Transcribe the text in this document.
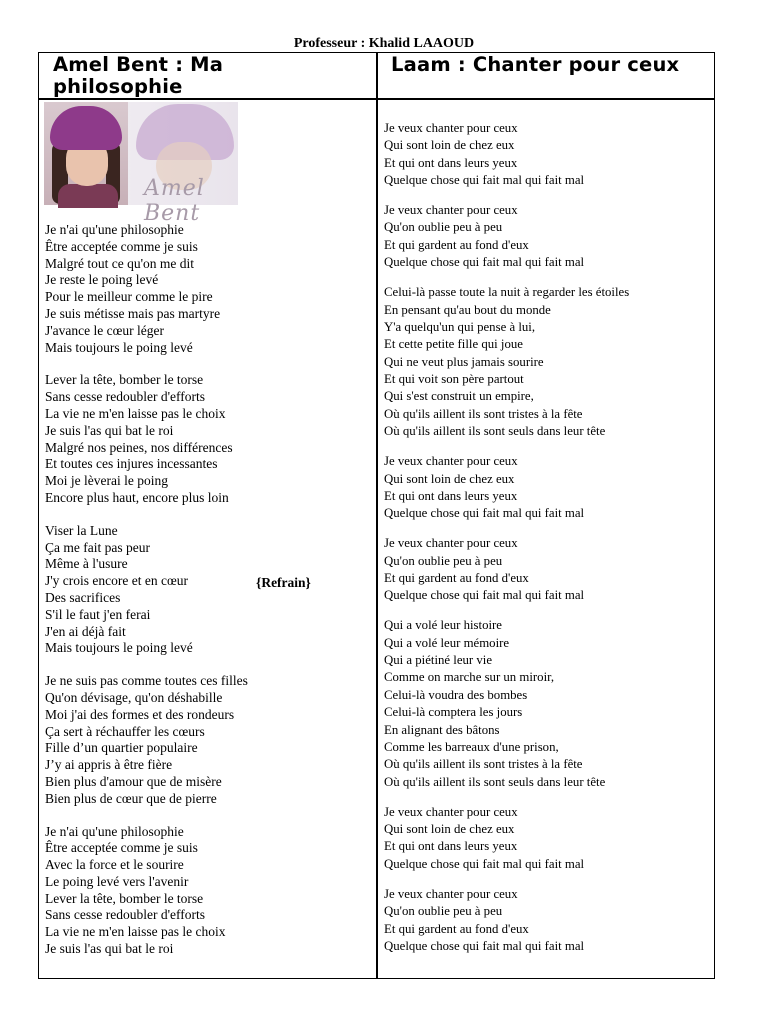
Professeur : Khalid LAAOUD
Amel Bent : Ma philosophie
Laam : Chanter pour ceux
Amel Bent
Je n'ai qu'une philosophie
Être acceptée comme je suis
Malgré tout ce qu'on me dit
Je reste le poing levé
Pour le meilleur comme le pire
Je suis métisse mais pas martyre
J'avance le cœur léger
Mais toujours le poing levé
Lever la tête, bomber le torse
Sans cesse redoubler d'efforts
La vie ne m'en laisse pas le choix
Je suis l'as qui bat le roi
Malgré nos peines, nos différences
Et toutes ces injures incessantes
Moi je lèverai le poing
Encore plus haut, encore plus loin
Viser la Lune
Ça me fait pas peur
Même à l'usure
J'y crois encore et en cœur
Des sacrifices
S'il le faut j'en ferai
J'en ai déjà fait
Mais toujours le poing levé
Je ne suis pas comme toutes ces filles
Qu'on dévisage, qu'on déshabille
Moi j'ai des formes et des rondeurs
Ça sert à réchauffer les cœurs
Fille d’un quartier populaire
J’y ai appris à être fière
Bien plus d'amour que de misère
Bien plus de cœur que de pierre
Je n'ai qu'une philosophie
Être acceptée comme je suis
Avec la force et le sourire
Le poing levé vers l'avenir
Lever la tête, bomber le torse
Sans cesse redoubler d'efforts
La vie ne m'en laisse pas le choix
Je suis l'as qui bat le roi
{Refrain}
Je veux chanter pour ceux
Qui sont loin de chez eux
Et qui ont dans leurs yeux
Quelque chose qui fait mal qui fait mal
Je veux chanter pour ceux
Qu'on oublie peu à peu
Et qui gardent au fond d'eux
Quelque chose qui fait mal qui fait mal
Celui-là passe toute la nuit à regarder les étoiles
En pensant qu'au bout du monde
Y'a quelqu'un qui pense à lui,
Et cette petite fille qui joue
Qui ne veut plus jamais sourire
Et qui voit son père partout
Qui s'est construit un empire,
Où qu'ils aillent ils sont tristes à la fête
Où qu'ils aillent ils sont seuls dans leur tête
Je veux chanter pour ceux
Qui sont loin de chez eux
Et qui ont dans leurs yeux
Quelque chose qui fait mal qui fait mal
Je veux chanter pour ceux
Qu'on oublie peu à peu
Et qui gardent au fond d'eux
Quelque chose qui fait mal qui fait mal
Qui a volé leur histoire
Qui a volé leur mémoire
Qui a piétiné leur vie
Comme on marche sur un miroir,
Celui-là voudra des bombes
Celui-là comptera les jours
En alignant des bâtons
Comme les barreaux d'une prison,
Où qu'ils aillent ils sont tristes à la fête
Où qu'ils aillent ils sont seuls dans leur tête
Je veux chanter pour ceux
Qui sont loin de chez eux
Et qui ont dans leurs yeux
Quelque chose qui fait mal qui fait mal
Je veux chanter pour ceux
Qu'on oublie peu à peu
Et qui gardent au fond d'eux
Quelque chose qui fait mal qui fait mal
